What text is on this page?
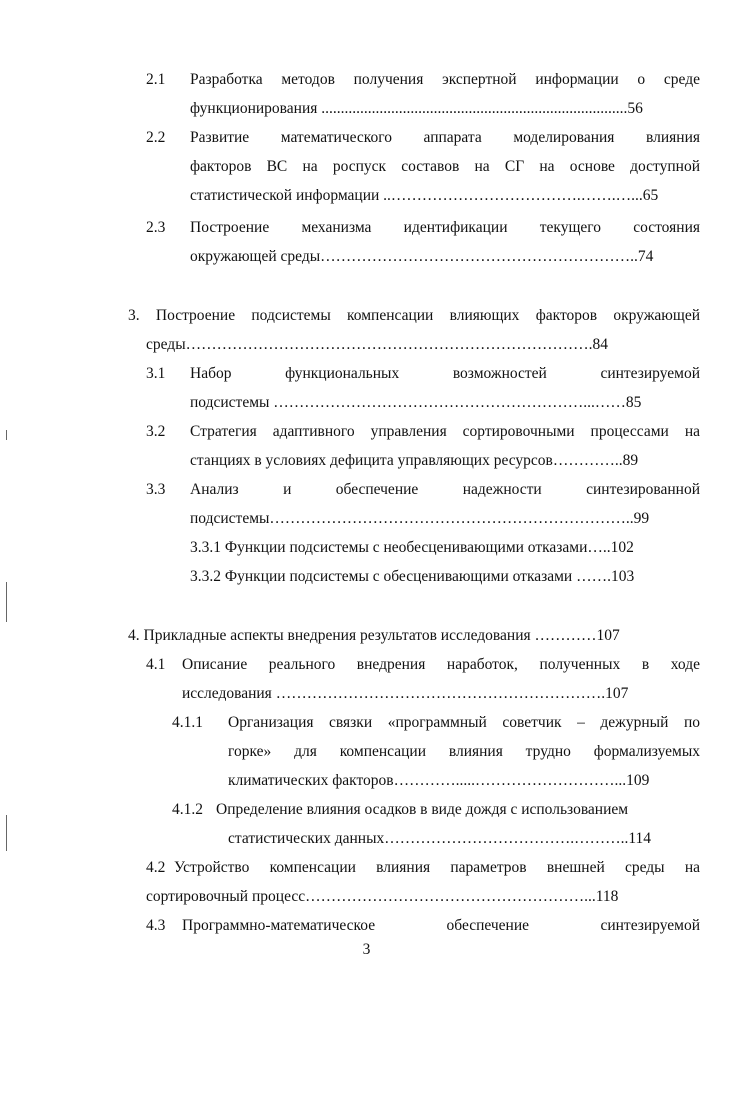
2.1 Разработка методов получения экспертной информации о среде
функционирования ...............................................................................56
2.2 Развитие математического аппарата моделирования влияния
факторов ВС на роспуск составов на СГ на основе доступной
статистической информации ..……………………………….…….…...65
2.3 Построение механизма идентификации текущего состояния
окружающей среды……………………………………………………..74
3. Построение подсистемы компенсации влияющих факторов окружающей
среды…………………………………………………………………….84
3.1 Набор функциональных возможностей синтезируемой
подсистемы ……………………………………………………...……85
3.2 Стратегия адаптивного управления сортировочными процессами на
станциях в условиях дефицита управляющих ресурсов…………..89
3.3 Анализ и обеспечение надежности синтезированной
подсистемы……………………………………………………………..99
3.3.1 Функции подсистемы с необесценивающими отказами…..102
3.3.2 Функции подсистемы с обесценивающими отказами …….103
4. Прикладные аспекты внедрения результатов исследования …………107
4.1 Описание реального внедрения наработок, полученных в ходе
исследования ……………………………………………………….107
4.1.1 Организация связки «программный советчик – дежурный по
горке» для компенсации влияния трудно формализуемых
климатических факторов………….....………………………...109
4.1.2 Определение влияния осадков в виде дождя с использованием
статистических данных……………………………….………..114
4.2 Устройство компенсации влияния параметров внешней среды на
сортировочный процесс………………………………………………...118
4.3 Программно-математическое обеспечение синтезируемой
3
